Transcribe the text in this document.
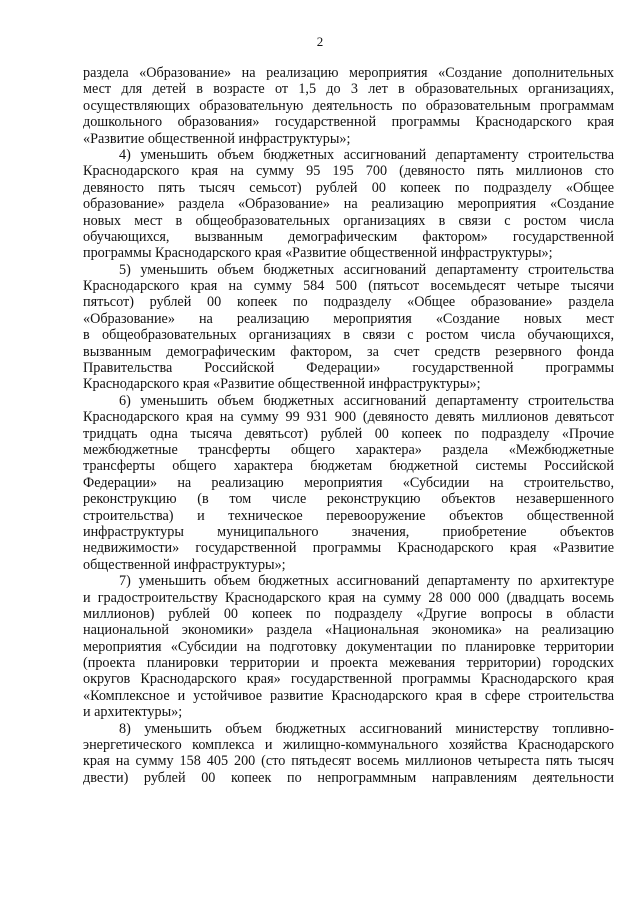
2
раздела «Образование» на реализацию мероприятия «Создание дополнительных
мест для детей в возрасте от 1,5 до 3 лет в образовательных организациях,
осуществляющих образовательную деятельность по образовательным программам
дошкольного образования» государственной программы Краснодарского края
«Развитие общественной инфраструктуры»;
4) уменьшить объем бюджетных ассигнований департаменту строительства
Краснодарского края на сумму 95 195 700 (девяносто пять миллионов сто
девяносто пять тысяч семьсот) рублей 00 копеек по подразделу «Общее
образование» раздела «Образование» на реализацию мероприятия «Создание
новых мест в общеобразовательных организациях в связи с ростом числа
обучающихся, вызванным демографическим фактором» государственной
программы Краснодарского края «Развитие общественной инфраструктуры»;
5) уменьшить объем бюджетных ассигнований департаменту строительства
Краснодарского края на сумму 584 500 (пятьсот восемьдесят четыре тысячи
пятьсот) рублей 00 копеек по подразделу «Общее образование» раздела
«Образование» на реализацию мероприятия «Создание новых мест
в общеобразовательных организациях в связи с ростом числа обучающихся,
вызванным демографическим фактором, за счет средств резервного фонда
Правительства Российской Федерации» государственной программы
Краснодарского края «Развитие общественной инфраструктуры»;
6) уменьшить объем бюджетных ассигнований департаменту строительства
Краснодарского края на сумму 99 931 900 (девяносто девять миллионов девятьсот
тридцать одна тысяча девятьсот) рублей 00 копеек по подразделу «Прочие
межбюджетные трансферты общего характера» раздела «Межбюджетные
трансферты общего характера бюджетам бюджетной системы Российской
Федерации» на реализацию мероприятия «Субсидии на строительство,
реконструкцию (в том числе реконструкцию объектов незавершенного
строительства) и техническое перевооружение объектов общественной
инфраструктуры муниципального значения, приобретение объектов
недвижимости» государственной программы Краснодарского края «Развитие
общественной инфраструктуры»;
7) уменьшить объем бюджетных ассигнований департаменту по архитектуре
и градостроительству Краснодарского края на сумму 28 000 000 (двадцать восемь
миллионов) рублей 00 копеек по подразделу «Другие вопросы в области
национальной экономики» раздела «Национальная экономика» на реализацию
мероприятия «Субсидии на подготовку документации по планировке территории
(проекта планировки территории и проекта межевания территории) городских
округов Краснодарского края» государственной программы Краснодарского края
«Комплексное и устойчивое развитие Краснодарского края в сфере строительства
и архитектуры»;
8) уменьшить объем бюджетных ассигнований министерству топливно-
энергетического комплекса и жилищно-коммунального хозяйства Краснодарского
края на сумму 158 405 200 (сто пятьдесят восемь миллионов четыреста пять тысяч
двести) рублей 00 копеек по непрограммным направлениям деятельности
